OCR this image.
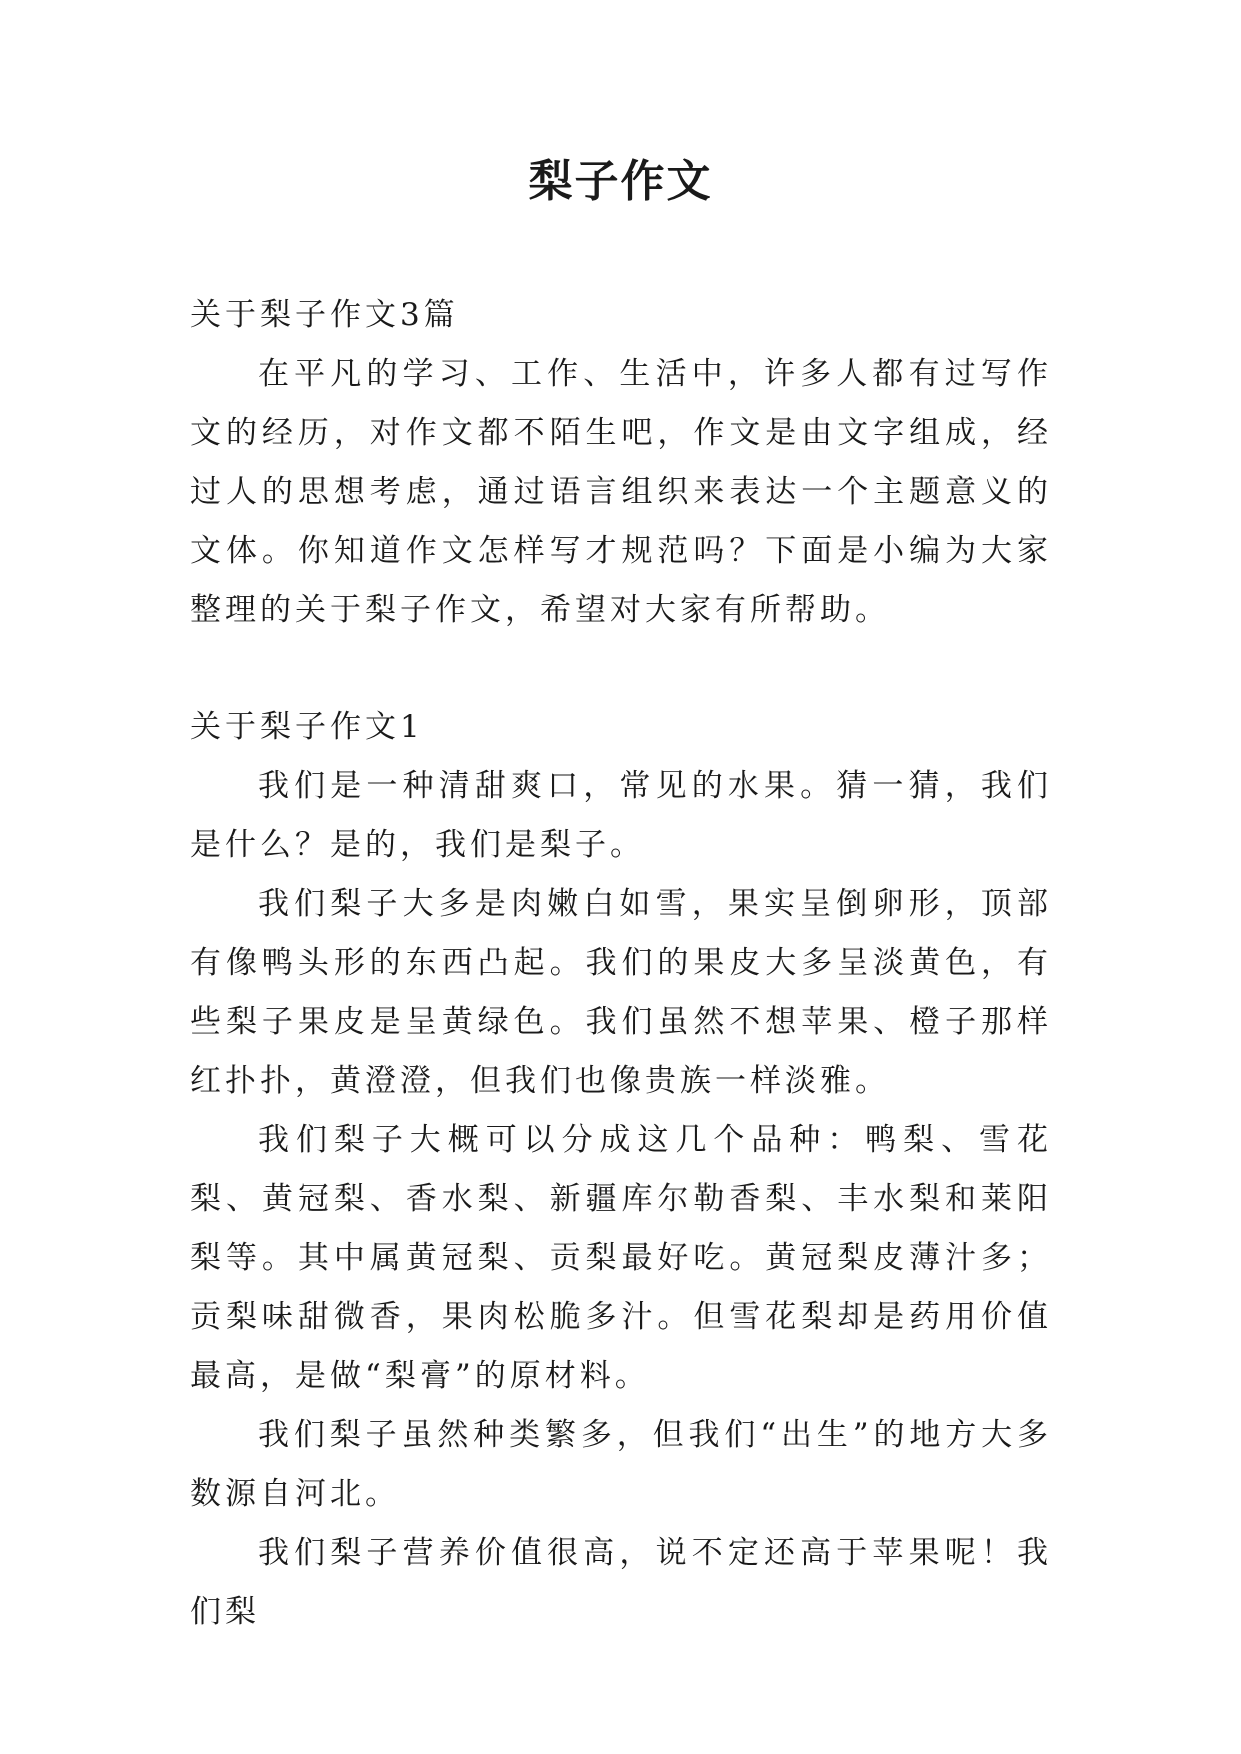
梨子作文

关于梨子作文3篇

在平凡的学习、工作、生活中，许多人都有过写作文的经历，对作文都不陌生吧，作文是由文字组成，经过人的思想考虑，通过语言组织来表达一个主题意义的文体。你知道作文怎样写才规范吗？下面是小编为大家整理的关于梨子作文，希望对大家有所帮助。

关于梨子作文1

我们是一种清甜爽口，常见的水果。猜一猜，我们是什么？是的，我们是梨子。

我们梨子大多是肉嫩白如雪，果实呈倒卵形，顶部有像鸭头形的东西凸起。我们的果皮大多呈淡黄色，有些梨子果皮是呈黄绿色。我们虽然不想苹果、橙子那样红扑扑，黄澄澄，但我们也像贵族一样淡雅。

我们梨子大概可以分成这几个品种：鸭梨、雪花梨、黄冠梨、香水梨、新疆库尔勒香梨、丰水梨和莱阳梨等。其中属黄冠梨、贡梨最好吃。黄冠梨皮薄汁多；贡梨味甜微香，果肉松脆多汁。但雪花梨却是药用价值最高，是做“梨膏”的原材料。

我们梨子虽然种类繁多，但我们“出生”的地方大多数源自河北。

我们梨子营养价值很高，说不定还高于苹果呢！我们梨
